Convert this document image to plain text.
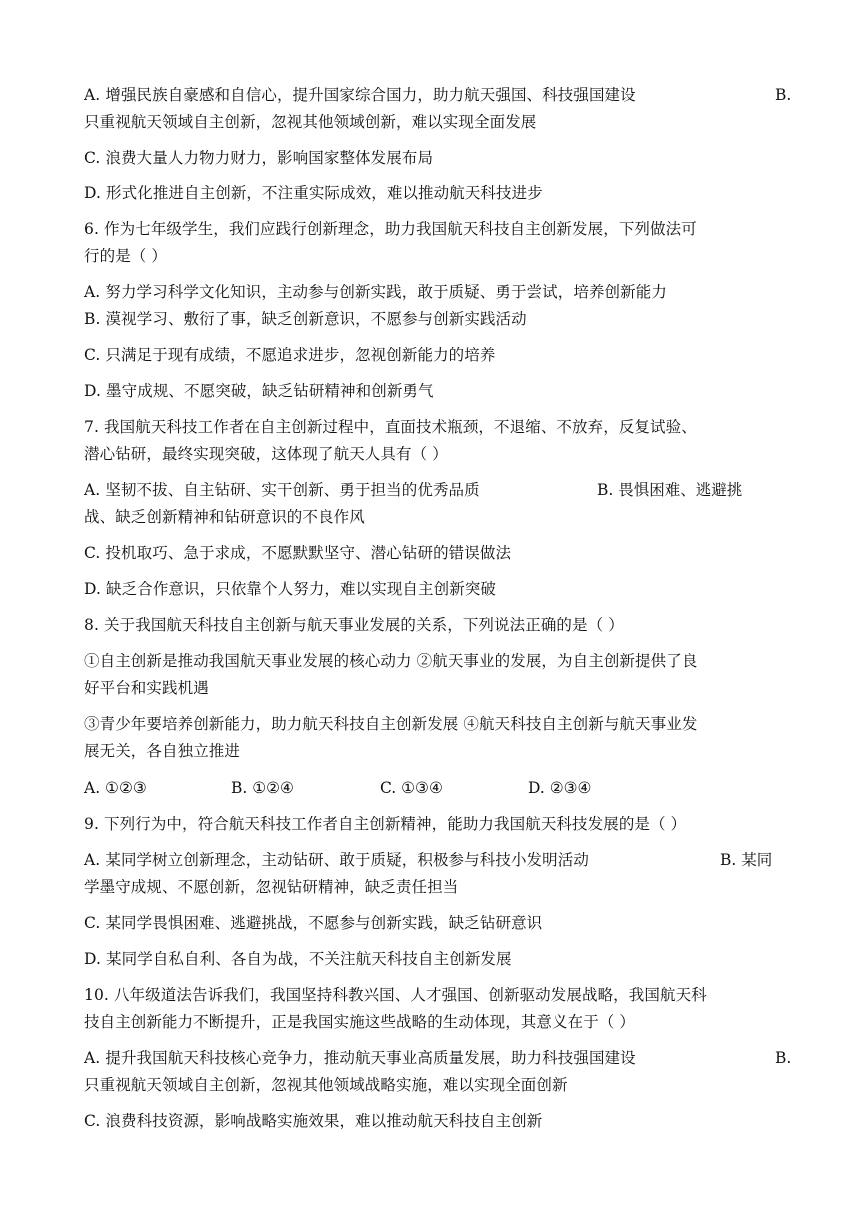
A. 增强民族自豪感和自信心，提升国家综合国力，助力航天强国、科技强国建设	B.
只重视航天领域自主创新，忽视其他领域创新，难以实现全面发展
C. 浪费大量人力物力财力，影响国家整体发展布局
D. 形式化推进自主创新，不注重实际成效，难以推动航天科技进步
6. 作为七年级学生，我们应践行创新理念，助力我国航天科技自主创新发展，下列做法可
行的是（ ）
A. 努力学习科学文化知识，主动参与创新实践，敢于质疑、勇于尝试，培养创新能力
B. 漠视学习、敷衍了事，缺乏创新意识，不愿参与创新实践活动
C. 只满足于现有成绩，不愿追求进步，忽视创新能力的培养
D. 墨守成规、不愿突破，缺乏钻研精神和创新勇气
7. 我国航天科技工作者在自主创新过程中，直面技术瓶颈，不退缩、不放弃，反复试验、
潜心钻研，最终实现突破，这体现了航天人具有（ ）
A. 坚韧不拔、自主钻研、实干创新、勇于担当的优秀品质	B. 畏惧困难、逃避挑
战、缺乏创新精神和钻研意识的不良作风
C. 投机取巧、急于求成，不愿默默坚守、潜心钻研的错误做法
D. 缺乏合作意识，只依靠个人努力，难以实现自主创新突破
8. 关于我国航天科技自主创新与航天事业发展的关系，下列说法正确的是（ ）
①自主创新是推动我国航天事业发展的核心动力 ②航天事业的发展，为自主创新提供了良
好平台和实践机遇
③青少年要培养创新能力，助力航天科技自主创新发展 ④航天科技自主创新与航天事业发
展无关，各自独立推进
A. ①②③	B. ①②④	C. ①③④	D. ②③④
9. 下列行为中，符合航天科技工作者自主创新精神，能助力我国航天科技发展的是（ ）
A. 某同学树立创新理念，主动钻研、敢于质疑，积极参与科技小发明活动	B. 某同
学墨守成规、不愿创新，忽视钻研精神，缺乏责任担当
C. 某同学畏惧困难、逃避挑战，不愿参与创新实践，缺乏钻研意识
D. 某同学自私自利、各自为战，不关注航天科技自主创新发展
10. 八年级道法告诉我们，我国坚持科教兴国、人才强国、创新驱动发展战略，我国航天科
技自主创新能力不断提升，正是我国实施这些战略的生动体现，其意义在于（ ）
A. 提升我国航天科技核心竞争力，推动航天事业高质量发展，助力科技强国建设	B.
只重视航天领域自主创新，忽视其他领域战略实施，难以实现全面创新
C. 浪费科技资源，影响战略实施效果，难以推动航天科技自主创新
